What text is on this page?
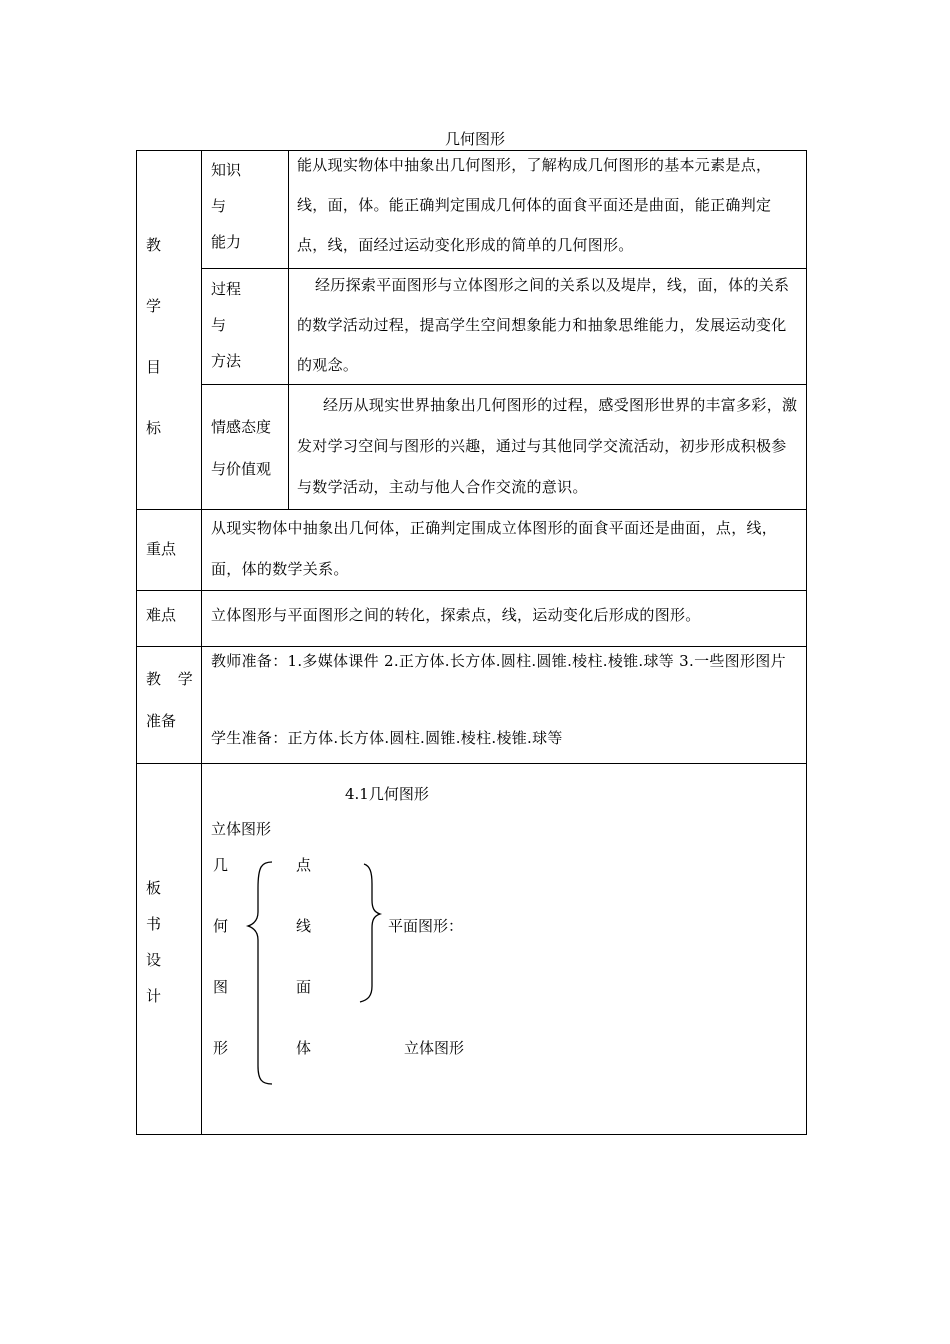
几何图形
教
学
目
标
知识
与
能力
能从现实物体中抽象出几何图形，了解构成几何图形的基本元素是点，线，面，体。能正确判定围成几何体的面食平面还是曲面，能正确判定点，线，面经过运动变化形成的简单的几何图形。
过程
与
方法
经历探索平面图形与立体图形之间的关系以及堤岸，线，面，体的关系的数学活动过程，提高学生空间想象能力和抽象思维能力，发展运动变化的观念。
情感态度
与价值观
经历从现实世界抽象出几何图形的过程，感受图形世界的丰富多彩，激发对学习空间与图形的兴趣，通过与其他同学交流活动，初步形成积极参与数学活动，主动与他人合作交流的意识。
重点
从现实物体中抽象出几何体，正确判定围成立体图形的面食平面还是曲面，点，线，面，体的数学关系。
难点 立体图形与平面图形之间的转化，探索点，线，运动变化后形成的图形。
教 学
准备
教师准备：1.多媒体课件 2.正方体.长方体.圆柱.圆锥.棱柱.棱锥.球等 3.一些图形图片
学生准备：正方体.长方体.圆柱.圆锥.棱柱.棱锥.球等
板
书
设
计
4.1几何图形
立体图形
几
何
图
形
点
线
面
体
平面图形：
立体图形
